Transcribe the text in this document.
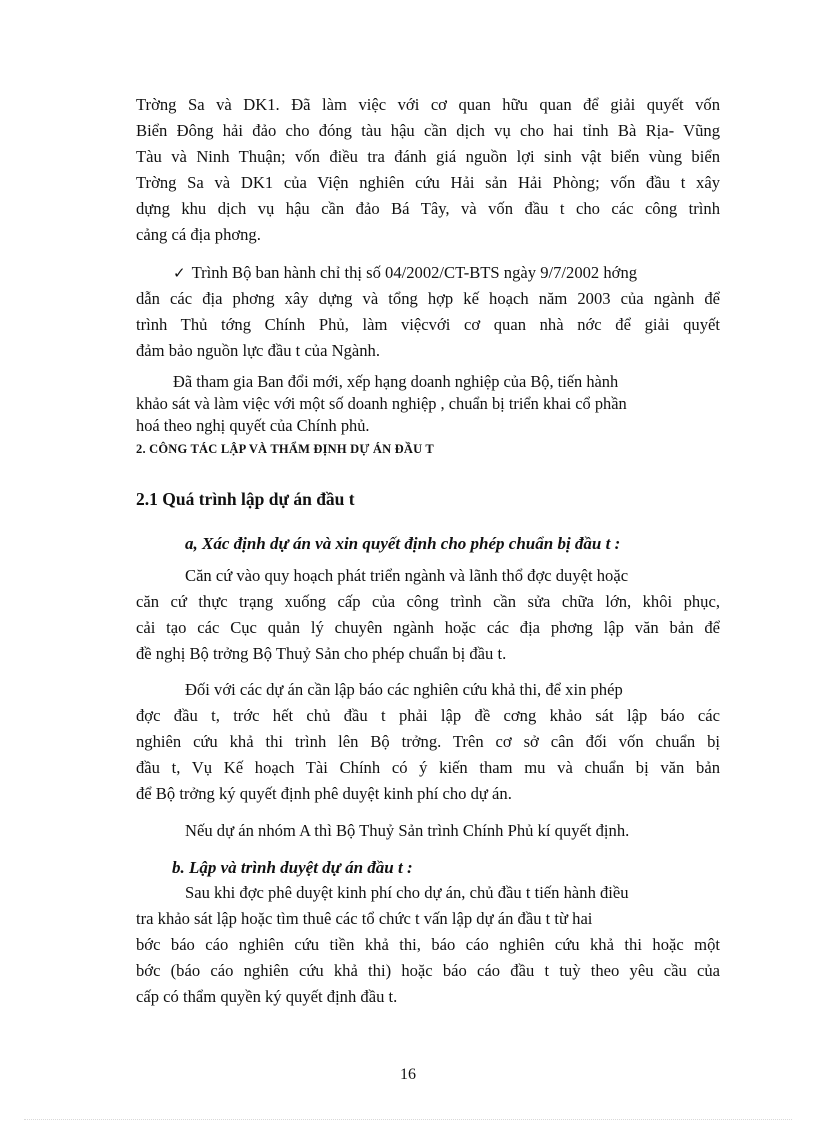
Trờng Sa và DK1. Đã làm việc với cơ quan hữu quan để giải quyết vốn
Biển Đông hải đảo cho đóng tàu hậu cần dịch vụ cho hai tỉnh Bà Rịa- Vũng
Tàu và Ninh Thuận; vốn điều tra đánh giá nguồn lợi sinh vật biển vùng biển
Trờng Sa và DK1 của Viện nghiên cứu Hải sản Hải Phòng; vốn đầu t xây
dựng khu dịch vụ hậu cần đảo Bá Tây, và vốn đầu t cho các công trình
cảng cá địa phơng.
✓ Trình Bộ ban hành chỉ thị số 04/2002/CT-BTS ngày 9/7/2002 hớng
dẫn các địa phơng xây dựng và tổng hợp kế hoạch năm 2003 của ngành để
trình Thủ tớng Chính Phủ, làm việcvới cơ quan nhà nớc để giải quyết
đảm bảo nguồn lực đầu t của Ngành.
Đã tham gia Ban đổi mới, xếp hạng doanh nghiệp của Bộ, tiến hành
khảo sát và làm việc với một số doanh nghiệp , chuẩn bị triển khai cổ phần
hoá theo nghị quyết của Chính phủ.
2. CÔNG TÁC LẬP VÀ THẨM ĐỊNH DỰ ÁN ĐẦU T
2.1 Quá trình lập dự án đầu t
a, Xác định dự án và xin quyết định cho phép chuẩn bị đầu t :
Căn cứ vào quy hoạch phát triển ngành và lãnh thổ đợc duyệt hoặc
căn cứ thực trạng xuống cấp của công trình cần sửa chữa lớn, khôi phục,
cải tạo các Cục quản lý chuyên ngành hoặc các địa phơng lập văn bản để
đề nghị Bộ trởng Bộ Thuỷ Sản cho phép chuẩn bị đầu t.
Đối với các dự án cần lập báo các nghiên cứu khả thi, để xin phép
đợc đầu t, trớc hết chủ đầu t phải lập đề cơng khảo sát lập báo các
nghiên cứu khả thi trình lên Bộ trởng. Trên cơ sở cân đối vốn chuẩn bị
đầu t, Vụ Kế hoạch Tài Chính có ý kiến tham mu và chuẩn bị văn bản
để Bộ trởng ký quyết định phê duyệt kinh phí cho dự án.
Nếu dự án nhóm A thì Bộ Thuỷ Sản trình Chính Phủ kí quyết định.
b. Lập và trình duyệt dự án đầu t :
Sau khi đợc phê duyệt kinh phí cho dự án, chủ đầu t tiến hành điều
tra khảo sát lập hoặc tìm thuê các tổ chức t vấn lập dự án đầu t từ hai
bớc báo cáo nghiên cứu tiền khả thi, báo cáo nghiên cứu khả thi hoặc một
bớc (báo cáo nghiên cứu khả thi) hoặc báo cáo đầu t tuỳ theo yêu cầu của
cấp có thẩm quyền ký quyết định đầu t.
16
